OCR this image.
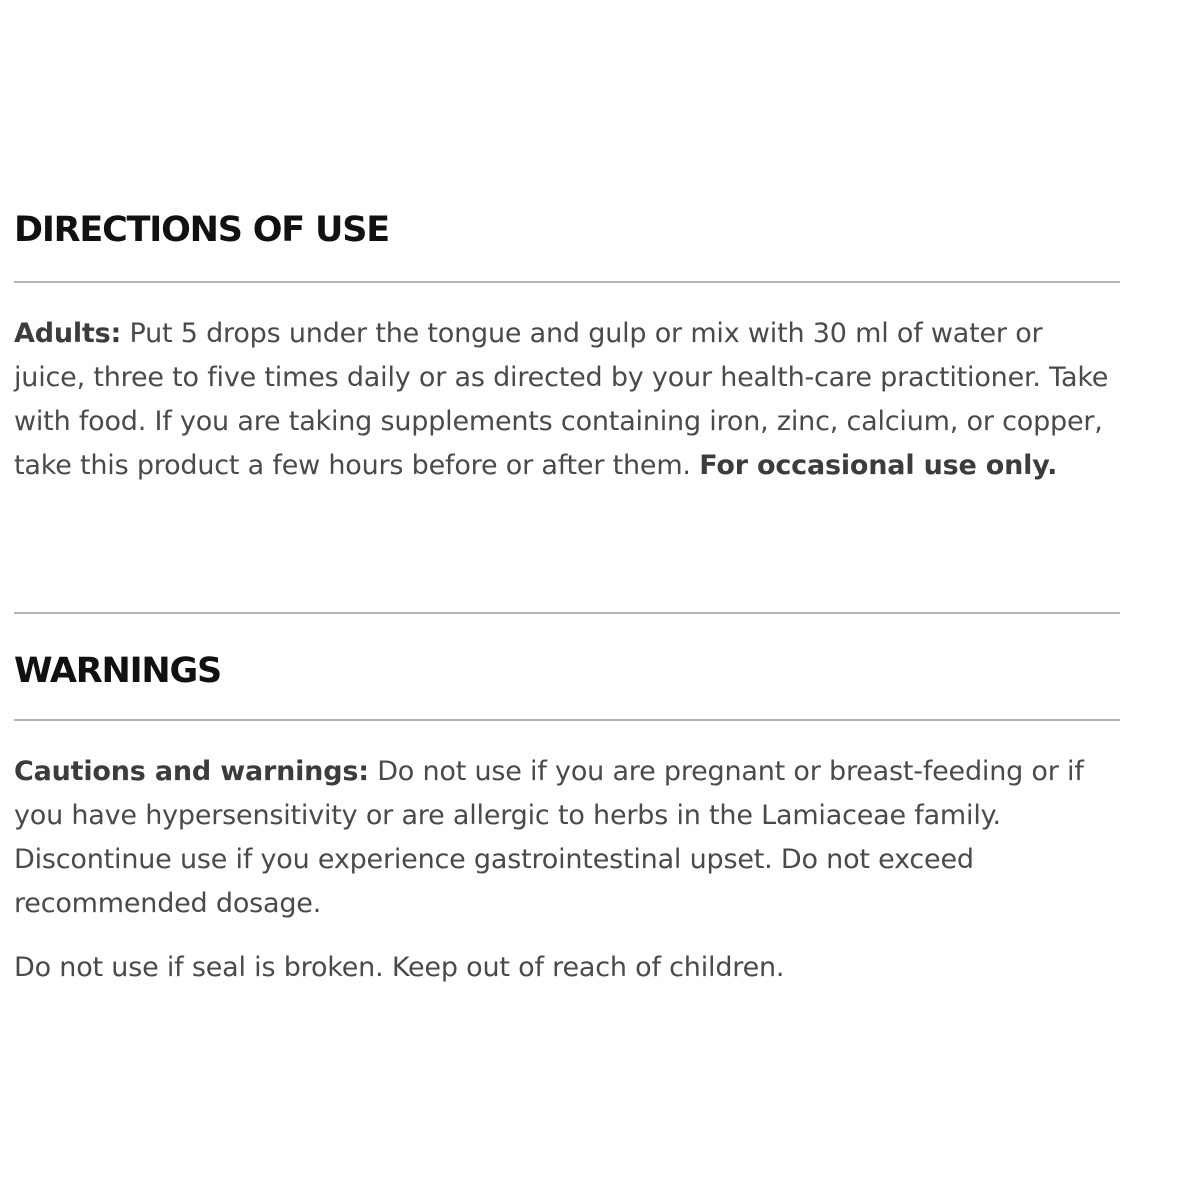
DIRECTIONS OF USE

Adults: Put 5 drops under the tongue and gulp or mix with 30 ml of water or juice, three to five times daily or as directed by your health-care practitioner. Take with food. If you are taking supplements containing iron, zinc, calcium, or copper, take this product a few hours before or after them. For occasional use only.

WARNINGS

Cautions and warnings: Do not use if you are pregnant or breast-feeding or if you have hypersensitivity or are allergic to herbs in the Lamiaceae family. Discontinue use if you experience gastrointestinal upset. Do not exceed recommended dosage.

Do not use if seal is broken. Keep out of reach of children.
